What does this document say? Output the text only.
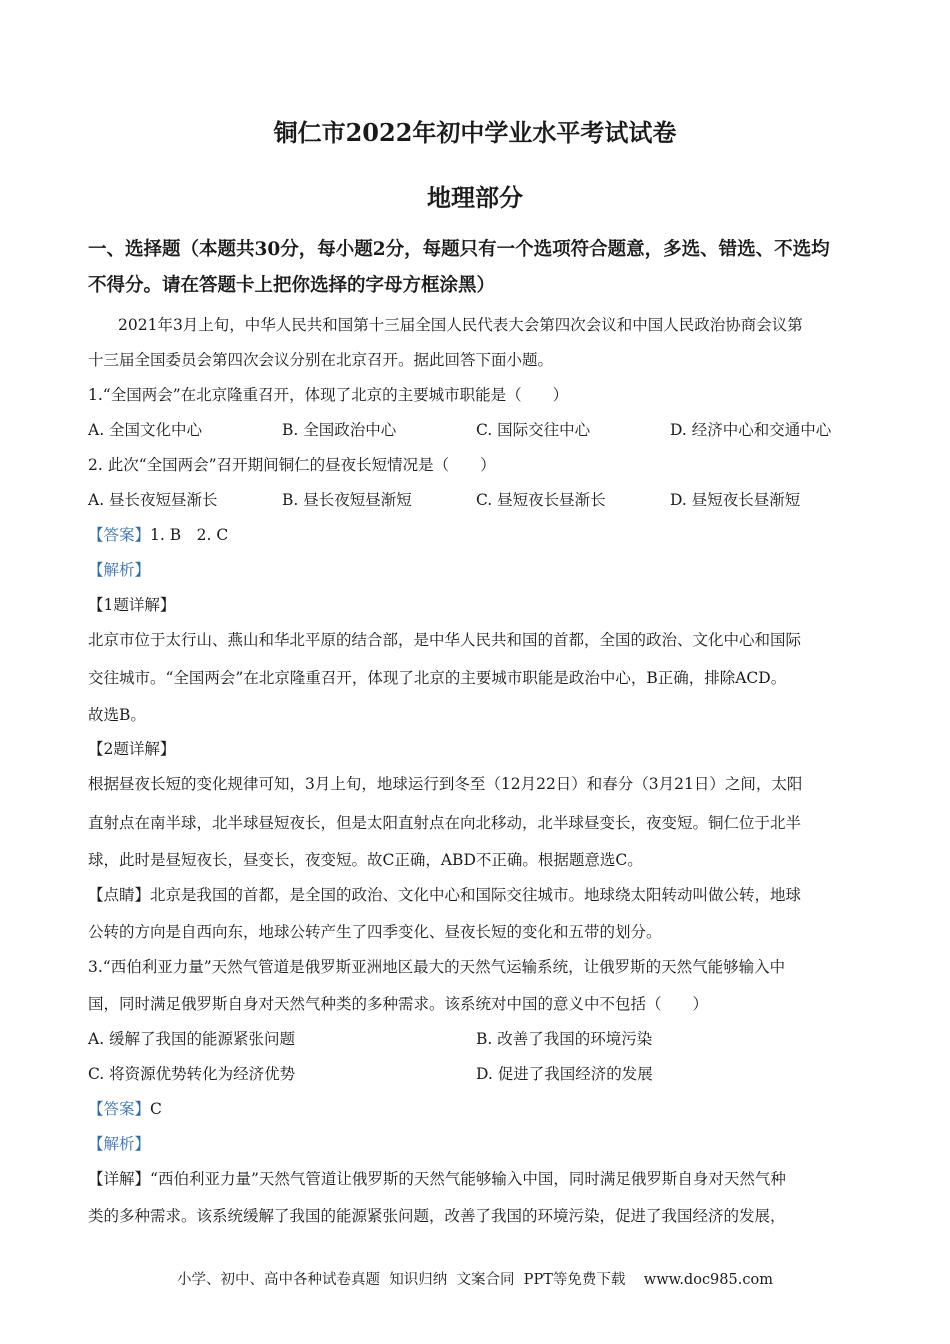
铜仁市2022年初中学业水平考试试卷
地理部分

一、选择题（本题共30分，每小题2分，每题只有一个选项符合题意，多选、错选、不选均

不得分。请在答题卡上把你选择的字母方框涂黑）

2021年3月上旬，中华人民共和国第十三届全国人民代表大会第四次会议和中国人民政治协商会议第

十三届全国委员会第四次会议分别在北京召开。据此回答下面小题。

1.“全国两会”在北京隆重召开，体现了北京的主要城市职能是（　　）

A. 全国文化中心	B. 全国政治中心	C. 国际交往中心	D. 经济中心和交通中心

2. 此次“全国两会”召开期间铜仁的昼夜长短情况是（　　）

A. 昼长夜短昼渐长	B. 昼长夜短昼渐短	C. 昼短夜长昼渐长	D. 昼短夜长昼渐短

【答案】1. B　2. C

【解析】

【1题详解】

北京市位于太行山、燕山和华北平原的结合部，是中华人民共和国的首都，全国的政治、文化中心和国际

交往城市。“全国两会”在北京隆重召开，体现了北京的主要城市职能是政治中心，B正确，排除ACD。

故选B。

【2题详解】

根据昼夜长短的变化规律可知，3月上旬，地球运行到冬至（12月22日）和春分（3月21日）之间，太阳

直射点在南半球，北半球昼短夜长，但是太阳直射点在向北移动，北半球昼变长，夜变短。铜仁位于北半

球，此时是昼短夜长，昼变长，夜变短。故C正确，ABD不正确。根据题意选C。

【点睛】北京是我国的首都，是全国的政治、文化中心和国际交往城市。地球绕太阳转动叫做公转，地球

公转的方向是自西向东，地球公转产生了四季变化、昼夜长短的变化和五带的划分。

3.“西伯利亚力量”天然气管道是俄罗斯亚洲地区最大的天然气运输系统，让俄罗斯的天然气能够输入中

国，同时满足俄罗斯自身对天然气种类的多种需求。该系统对中国的意义中不包括（　　）

A. 缓解了我国的能源紧张问题	B. 改善了我国的环境污染
C. 将资源优势转化为经济优势	D. 促进了我国经济的发展

【答案】C

【解析】

【详解】“西伯利亚力量”天然气管道让俄罗斯的天然气能够输入中国，同时满足俄罗斯自身对天然气种

类的多种需求。该系统缓解了我国的能源紧张问题，改善了我国的环境污染，促进了我国经济的发展，

小学、初中、高中各种试卷真题  知识归纳  文案合同  PPT等免费下载    www.doc985.com
